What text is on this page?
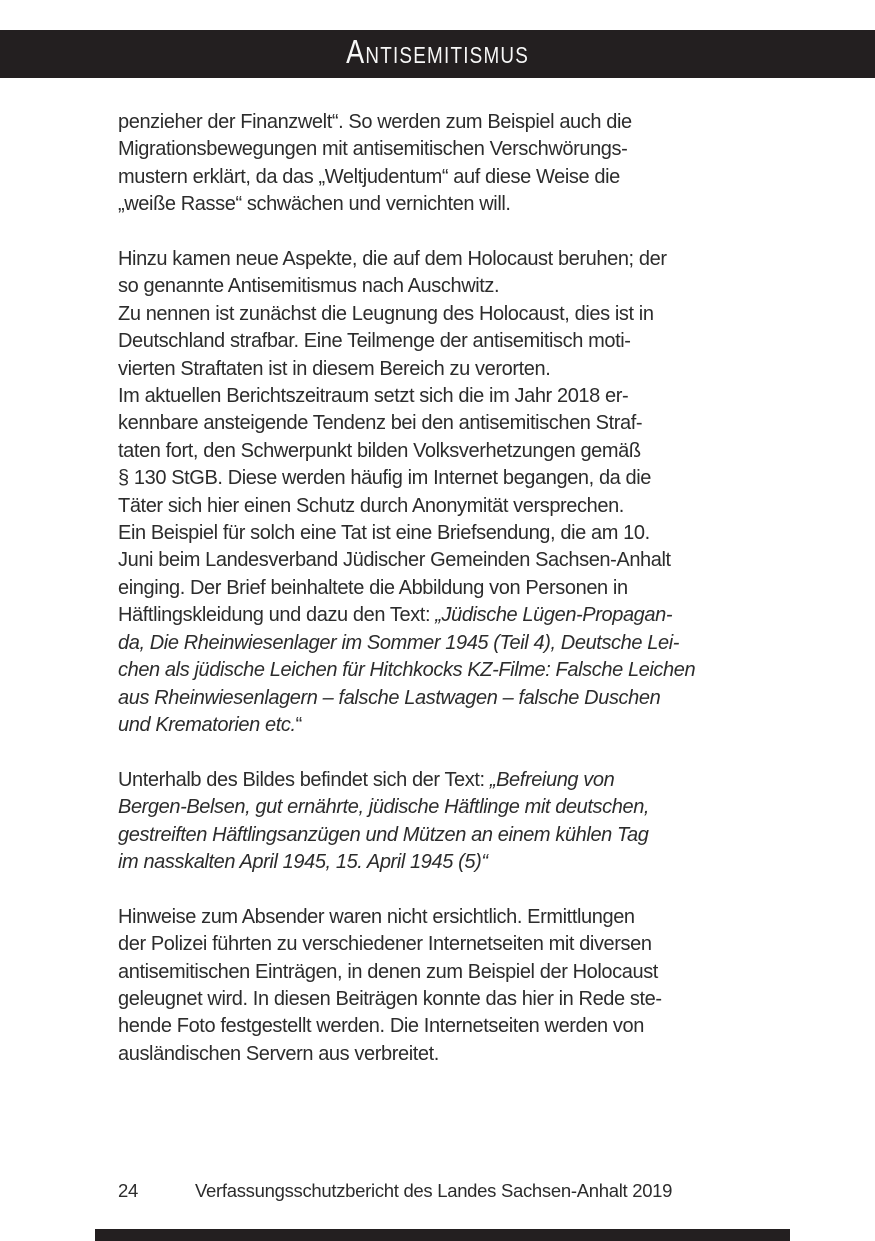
Antisemitismus
penzieher der Finanzwelt“. So werden zum Beispiel auch die
Migrationsbewegungen mit antisemitischen Verschwörungs-
mustern erklärt, da das „Weltjudentum“ auf diese Weise die
„weiße Rasse“ schwächen und vernichten will.
Hinzu kamen neue Aspekte, die auf dem Holocaust beruhen; der
so genannte Antisemitismus nach Auschwitz.
Zu nennen ist zunächst die Leugnung des Holocaust, dies ist in
Deutschland strafbar. Eine Teilmenge der antisemitisch moti-
vierten Straftaten ist in diesem Bereich zu verorten.
Im aktuellen Berichtszeitraum setzt sich die im Jahr 2018 er-
kennbare ansteigende Tendenz bei den antisemitischen Straf-
taten fort, den Schwerpunkt bilden Volksverhetzungen gemäß
§ 130 StGB. Diese werden häufig im Internet begangen, da die
Täter sich hier einen Schutz durch Anonymität versprechen.
Ein Beispiel für solch eine Tat ist eine Briefsendung, die am 10.
Juni beim Landesverband Jüdischer Gemeinden Sachsen-Anhalt
einging. Der Brief beinhaltete die Abbildung von Personen in
Häftlingskleidung und dazu den Text: „Jüdische Lügen-Propagan-
da, Die Rheinwiesenlager im Sommer 1945 (Teil 4), Deutsche Lei-
chen als jüdische Leichen für Hitchkocks KZ-Filme: Falsche Leichen
aus Rheinwiesenlagern – falsche Lastwagen – falsche Duschen
und Krematorien etc.“
Unterhalb des Bildes befindet sich der Text: „Befreiung von
Bergen-Belsen, gut ernährte, jüdische Häftlinge mit deutschen,
gestreiften Häftlingsanzügen und Mützen an einem kühlen Tag
im nasskalten April 1945, 15. April 1945 (5)“
Hinweise zum Absender waren nicht ersichtlich. Ermittlungen
der Polizei führten zu verschiedener Internetseiten mit diversen
antisemitischen Einträgen, in denen zum Beispiel der Holocaust
geleugnet wird. In diesen Beiträgen konnte das hier in Rede ste-
hende Foto festgestellt werden. Die Internetseiten werden von
ausländischen Servern aus verbreitet.
24	Verfassungsschutzbericht des Landes Sachsen-Anhalt 2019
